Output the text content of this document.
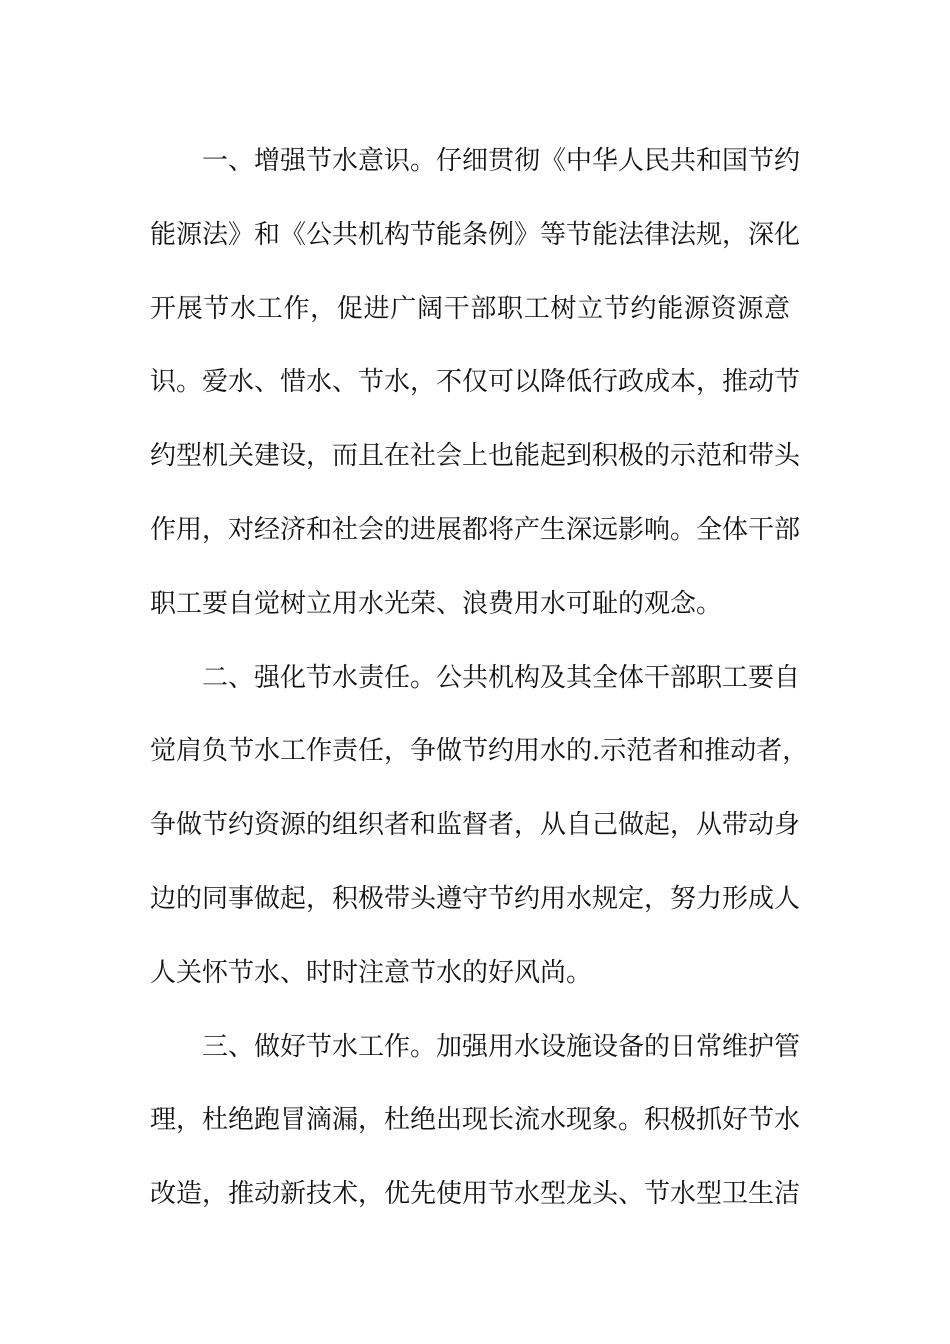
一、增强节水意识。仔细贯彻《中华人民共和国节约
能源法》和《公共机构节能条例》等节能法律法规，深化
开展节水工作，促进广阔干部职工树立节约能源资源意
识。爱水、惜水、节水，不仅可以降低行政成本，推动节
约型机关建设，而且在社会上也能起到积极的示范和带头
作用，对经济和社会的进展都将产生深远影响。全体干部
职工要自觉树立用水光荣、浪费用水可耻的观念。
二、强化节水责任。公共机构及其全体干部职工要自
觉肩负节水工作责任，争做节约用水的.示范者和推动者，
争做节约资源的组织者和监督者，从自己做起，从带动身
边的同事做起，积极带头遵守节约用水规定，努力形成人
人关怀节水、时时注意节水的好风尚。
三、做好节水工作。加强用水设施设备的日常维护管
理，杜绝跑冒滴漏，杜绝出现长流水现象。积极抓好节水
改造，推动新技术，优先使用节水型龙头、节水型卫生洁
